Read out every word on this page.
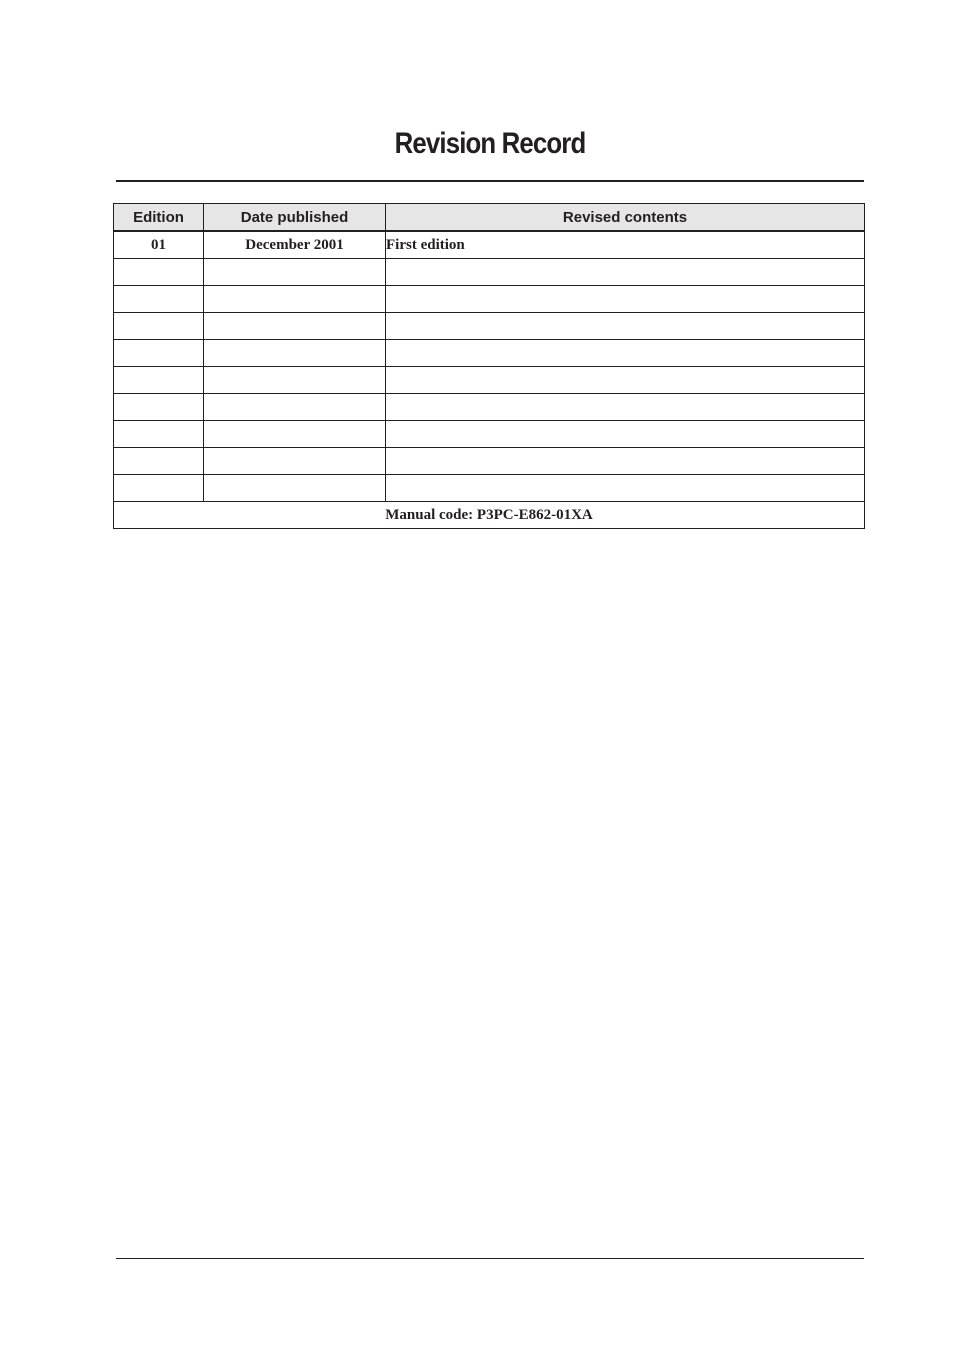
Revision Record
Edition	Date published	Revised contents
01	December 2001	First edition

Manual code: P3PC-E862-01XA		
